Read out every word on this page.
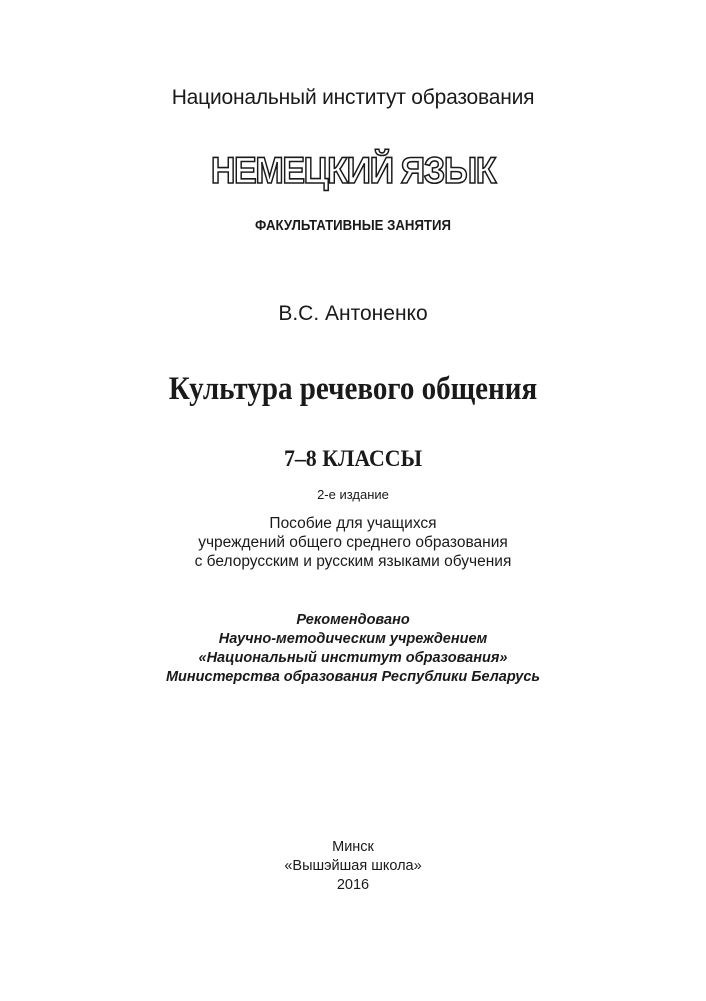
Национальный институт образования
НЕМЕЦКИЙ ЯЗЫК
ФАКУЛЬТАТИВНЫЕ ЗАНЯТИЯ
В.С. Антоненко
Культура речевого общения
7–8 КЛАССЫ
2-е издание
Пособие для учащихся
учреждений общего среднего образования
с белорусским и русским языками обучения
Рекомендовано
Научно-методическим учреждением
«Национальный институт образования»
Министерства образования Республики Беларусь
Минск
«Вышэйшая школа»
2016
